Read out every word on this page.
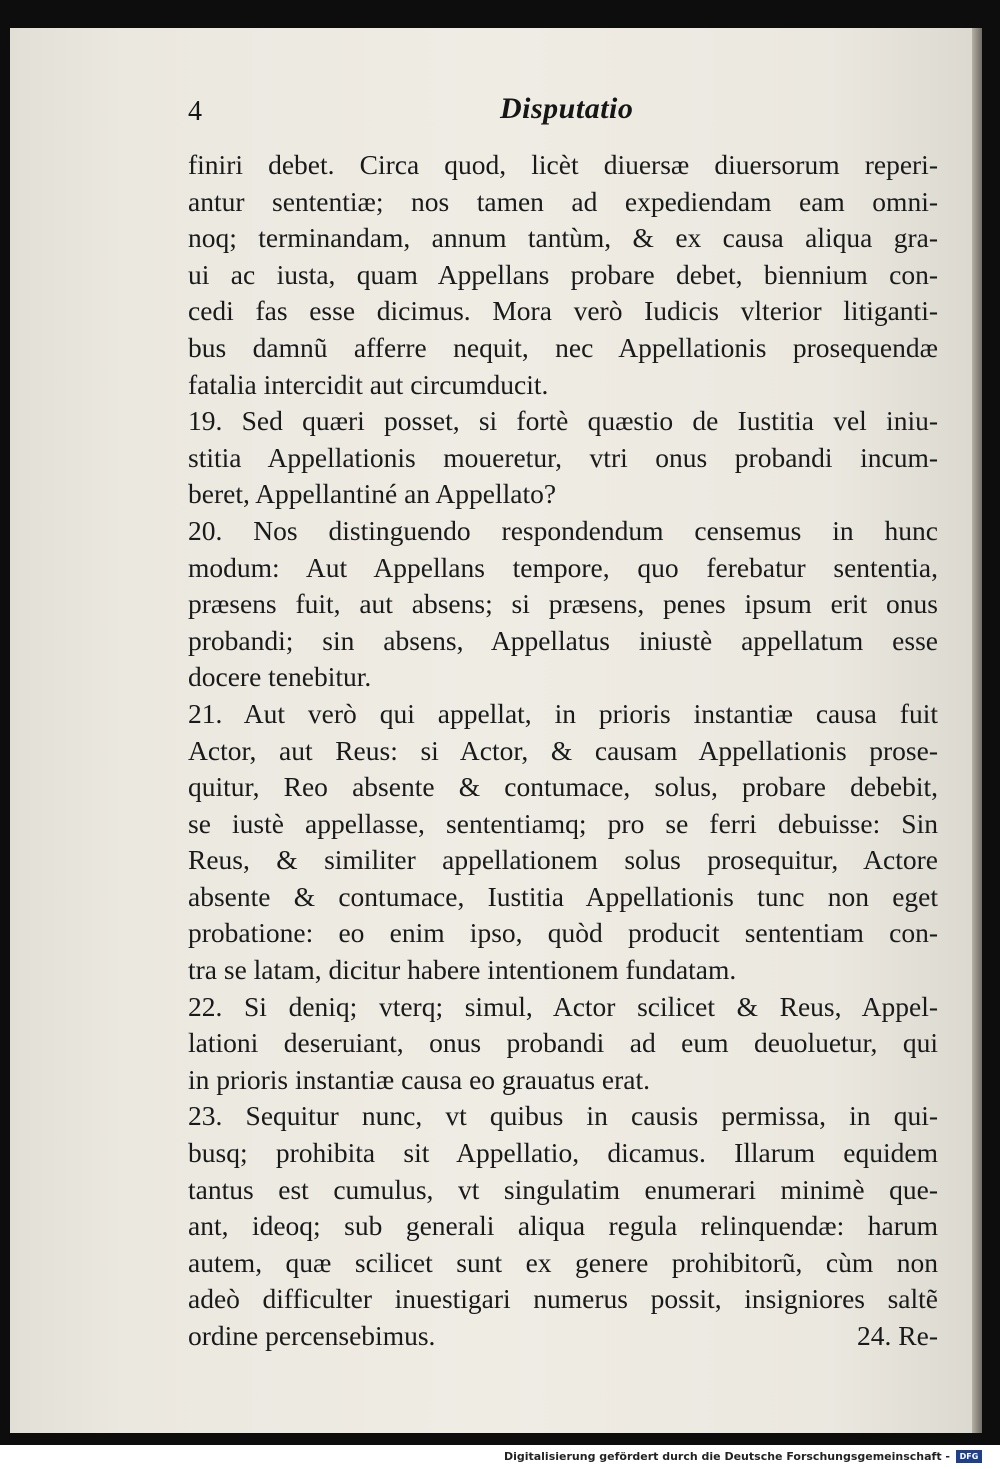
4	Disputatio
finiri debet. Circa quod, licèt diuersæ diuersorum reperi-
antur sententiæ; nos tamen ad expediendam eam omni-
noq; terminandam, annum tantùm, & ex causa aliqua gra-
ui ac iusta, quam Appellans probare debet, biennium con-
cedi fas esse dicimus. Mora verò Iudicis vlterior litiganti-
bus damnũ afferre nequit, nec Appellationis prosequendæ
fatalia intercidit aut circumducit.
19. Sed quæri posset, si fortè quæstio de Iustitia vel iniu-
stitia Appellationis moueretur, vtri onus probandi incum-
beret, Appellantiné an Appellato?
20. Nos distinguendo respondendum censemus in hunc
modum: Aut Appellans tempore, quo ferebatur sententia,
præsens fuit, aut absens; si præsens, penes ipsum erit onus
probandi; sin absens, Appellatus iniustè appellatum esse
docere tenebitur.
21. Aut verò qui appellat, in prioris instantiæ causa fuit
Actor, aut Reus: si Actor, & causam Appellationis prose-
quitur, Reo absente & contumace, solus, probare debebit,
se iustè appellasse, sententiamq; pro se ferri debuisse: Sin
Reus, & similiter appellationem solus prosequitur, Actore
absente & contumace, Iustitia Appellationis tunc non eget
probatione: eo enim ipso, quòd producit sententiam con-
tra se latam, dicitur habere intentionem fundatam.
22. Si deniq; vterq; simul, Actor scilicet & Reus, Appel-
lationi deseruiant, onus probandi ad eum deuoluetur, qui
in prioris instantiæ causa eo grauatus erat.
23. Sequitur nunc, vt quibus in causis permissa, in qui-
busq; prohibita sit Appellatio, dicamus. Illarum equidem
tantus est cumulus, vt singulatim enumerari minimè que-
ant, ideoq; sub generali aliqua regula relinquendæ: harum
autem, quæ scilicet sunt ex genere prohibitorũ, cùm non
adeò difficulter inuestigari numerus possit, insigniores saltẽ
ordine percensebimus.	24. Re-
Digitalisierung gefördert durch die Deutsche Forschungsgemeinschaft -	DFG
